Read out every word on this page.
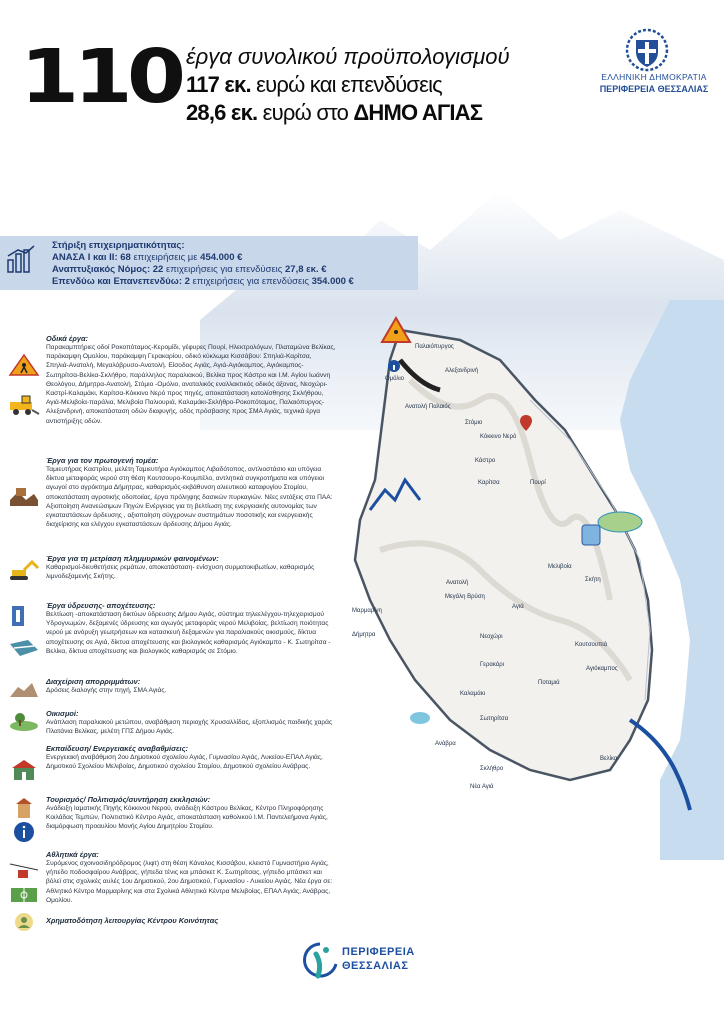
110 έργα συνολικού προϋπολογισμού
117 εκ. ευρώ και επενδύσεις
28,6 εκ. ευρώ στο ΔΗΜΟ ΑΓΙΑΣ
ΕΛΛΗΝΙΚΗ ΔΗΜΟΚΡΑΤΙΑ
ΠΕΡΙΦΕΡΕΙΑ ΘΕΣΣΑΛΙΑΣ
Στήριξη επιχειρηματικότητας:
ΑΝΑΣΑ Ι και ΙΙ: 68 επιχειρήσεις με 454.000 €
Αναπτυξιακός Νόμος: 22 επιχειρήσεις για επενδύσεις 27,8 εκ. €
Επενδύω και Επανεπενδύω: 2 επιχειρήσεις για επενδύσεις 354.000 €
Οδικά έργα:
Παρακαμπτήριες οδοί Ροκοπόταμος-Κερομίδι, γέφυρες Πουρί, Ηλεκτρολόγων, Πλαταμώνα Βελίκας, παράκαμψη Ομολίου, παράκαμψη Γερακαρίου, οδικό κύκλωμα Κισσάβου: Σπηλιά-Καρίτσα, Σπηλιά-Ανατολή, Μεγαλόβρυσο-Ανατολή. Είσοδος Αγιάς, Αγιά-Αγιόκαμπος, Αγιόκαμπος-Σωτηρίτσα-Βελίκα-Σκλήθρο, παράλληλος παραλιακού, Βελίκα προς Κάστρο και Ι.Μ. Αγίου Ιωάννη Θεολόγου, Δήμητρα-Ανατολή, Στόμιο -Ομόλιο, αναταλικός εναλλακτικός οδικός άξονας, Νεοχώρι-Καστρί-Καλαμάκι, Καρίτσα-Κόκκινο Νερό προς πηγές, αποκατάσταση κατολίσθησης Σκλήθρου, Αγιά-Μελιβοία-παράλια, Μελιβοία Παλιουριά, Καλαμάκι-Σκλήθρο-Ροκοπόταμος, Παλαιόπυργος-Αλεξανδρινή, αποκατάσταση οδών διαφυγής, οδός πρόσβασης προς ΣΜΑ Αγιάς, τεχνικά έργα αντιστήριξης οδών.
Έργα για τον πρωτογενή τομέα:
Ταμιευτήρας Καστρίου, μελέτη Ταμιευτήρα Αγιόκαμπος Λιβαδότοπος, αντλιοστάσιο και υπόγεια δίκτυα μεταφοράς νερού στη θέση Κουτσουρο-Κουμπέλο, αντλητικά συγκροτήματα και υπόγειοι αγωγοί στο αγρόκτημα Δήμητρας, καθαρισμός-εκβάθυνση αλιευτικού καταφυγίου Στομίου, αποκατάσταση αγροτικής οδοποιίας, έργα πρόληψης δασικών πυρκαγιών. Νέες εντάξεις στο ΠΑΑ: Αξιοποίηση Ανανεώσιμων Πηγών Ενέργειας για τη βελτίωση της ενεργειακής αυτονομίας των εγκαταστάσεων άρδευσης , αξιοποίηση σύγχρονων συστημάτων ποσοτικής και ενεργειακής διαχείρισης και ελέγχου εγκαταστάσεων άρδευσης Δήμου Αγιάς.
Έργα για τη μετρίαση πλημμυρικών φαινομένων:
Καθαρισμοί-διευθετήσεις ρεμάτων, αποκατάσταση- ενίσχυση συρματοκιβωτίων, καθαρισμός λιμνοδεξαμενής Σκήτης.
Έργα ύδρευσης- αποχέτευσης:
Βελτίωση -αποκατάσταση δικτύων ύδρευσης Δήμου Αγιάς, σύστημα τηλεελέγχου-τηλεχειρισμού Υδρογνωμών, δεξαμενές ύδρευσης και αγωγός μεταφοράς νερού Μελιβοίας, βελτίωση ποιότητας νερού με ανόρυξη γεωτρήσεων και κατασκευή δεξαμενών για παραλιακούς οικισμούς, δίκτυα αποχέτευσης σε Αγιά, δίκτυα αποχέτευσης και βιολογικός καθαρισμός Αγιόκαμπο - Κ. Σωτηρίτσα - Βελίκα, δίκτυα αποχέτευσης και βιολογικός καθαρισμός σε Στόμιο.
Διαχείριση απορριμμάτων:
Δρόσεις διαλογής στην πηγή, ΣΜΑ Αγιάς.
Οικισμοί:
Ανάπλαση παραλιακού μετώπου, αναβάθμιση περιοχής Χρυσαλλίδας, εξοπλισμός παιδικής χαράς Πλατάνια Βελίκας, μελέτη ΓΠΣ Δήμου Αγιάς.
Εκπαίδευση/ Ενεργειακές αναβαθμίσεις:
Ενεργειακή αναβάθμιση 2ου Δημοτικού σχολείου Αγιάς, Γυμνασίου Αγιάς, Λυκείου-ΕΠΑΛ Αγιάς, Δημοτικού Σχολείου Μελιβοίας, Δημοτικού σχολείου Στομίου, Δημοτικού σχολείου Ανάβρας.
Τουρισμός/ Πολιτισμός/συντήρηση εκκλησιών:
Ανάδειξη Ιαματικής Πηγής Κόκκινου Νερού, ανάδειξη Κάστρου Βελίκας, Κέντρο Πληροφόρησης Κοιλάδας Τεμπών, Πολιτιστικό Κέντρο Αγιάς, αποκατάσταση καθολικού Ι.Μ. Παντελεήμονα Αγιάς, διαμόρφωση προαυλίου Μονής Αγίου Δημητρίου Στομίου.
Αθλητικά έργα:
Συρόμενος σχοινοσιδηρόδρομος (λιφτ) στη θέση Κάναλος Κισσάβου, κλειστό Γυμναστήριο Αγιάς, γήπεδο ποδοσφαίρου Ανάβρας, γήπεδα τένις και μπάσκετ Κ. Σωτηρίτσας, γήπεδο μπάσκετ και βόλεϊ στις σχολικές αυλές 1ου Δημοτικού, 2ου Δημοτικού, Γυμνασίου - Λυκείου Αγιάς. Νέα έργα σε: Αθλητικό Κέντρο Μαρμαρίνης και στα Σχολικά Αθλητικά Κέντρα Μελιβοίας, ΕΠΑΛ Αγιάς, Ανάβρας, Ομολίου.
Χρηματοδότηση λειτουργίας Κέντρου Κοινότητας
Παλαιόπυργος
Ομόλιο
Αλεξανδρινή
Ανατολή Παλαιός
Στόμιο
Κόκκινο Νερό
Κάστρο
Καρίτσα	Πουρί
Μελιβοία
Σκήτη
Αγιά
Μεγάλη Βρύση
Μαρμαρίνη
Δήμητρα
Ανατολή
Νεοχώρι
Κουτσουπιά
Ποταμιά
Αγιόκαμπος
Καλαμάκι
Σωτηρίτσα
Βελίκα
Σκλήθρο
Ανάβρα
Γερακάρι
Νέα Αγιά
ΠΕΡΙΦΕΡΕΙΑ
ΘΕΣΣΑΛΙΑΣ
